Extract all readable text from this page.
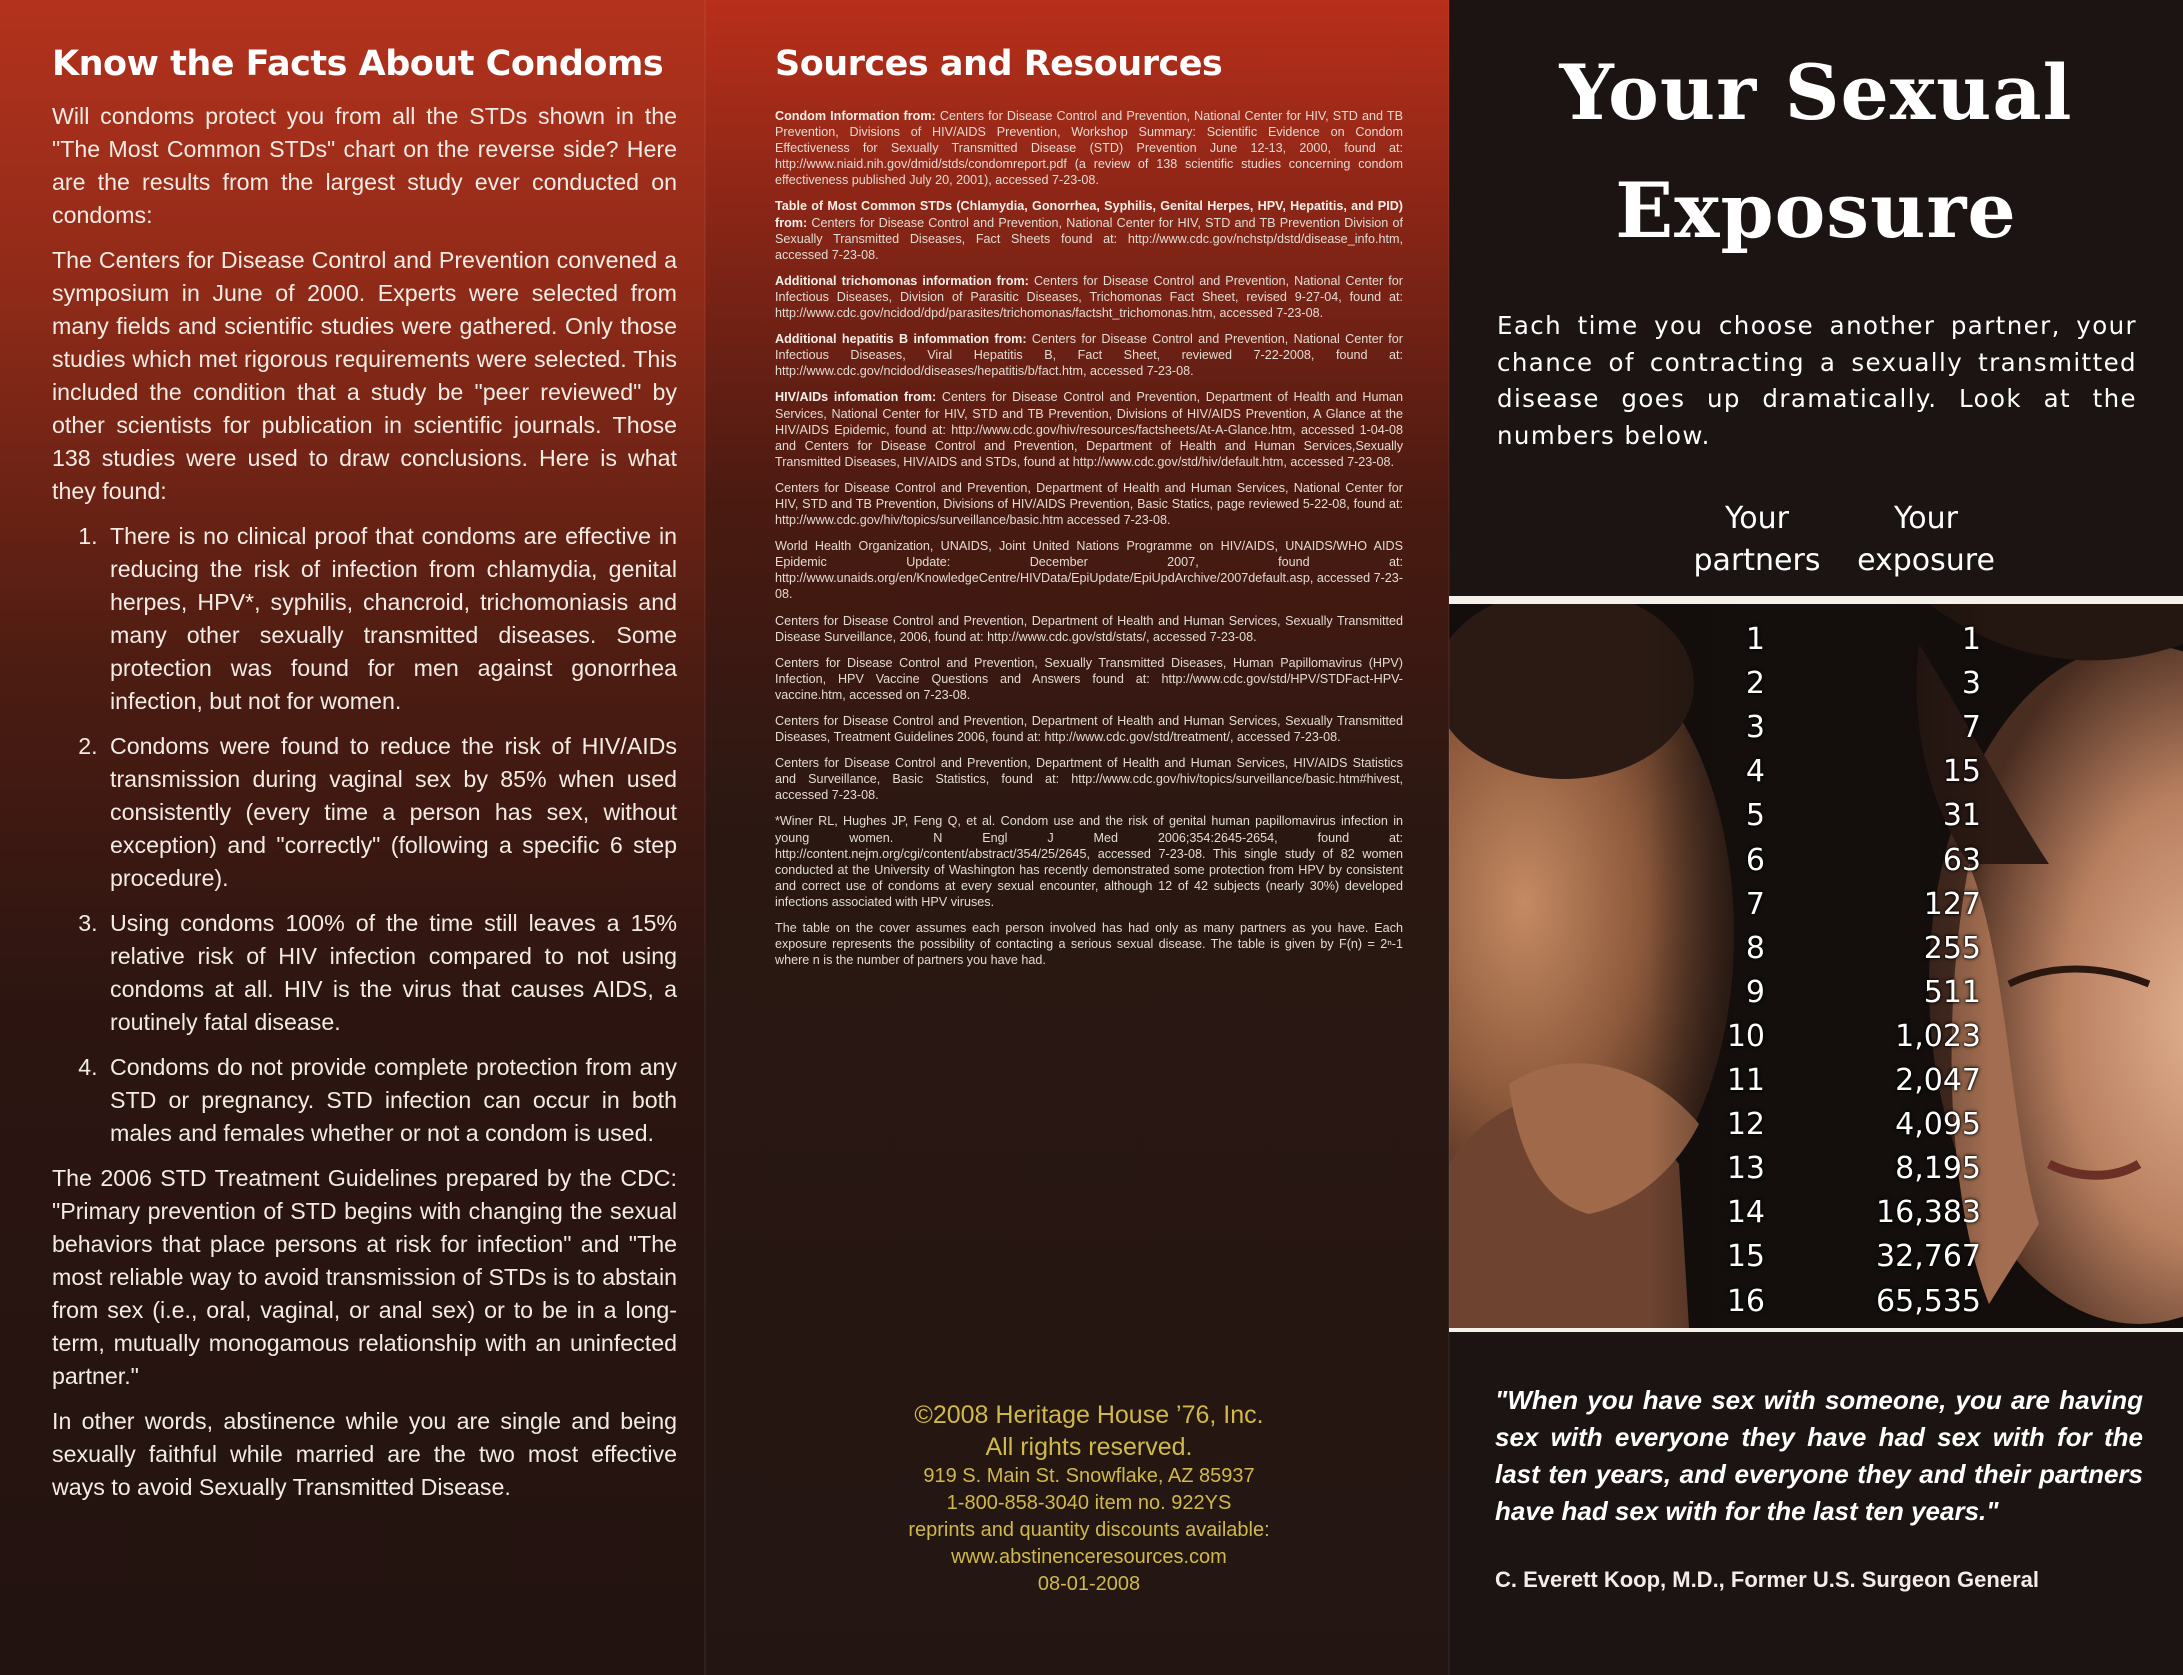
Know the Facts About Condoms

Will condoms protect you from all the STDs shown in the "The Most Common STDs" chart on the reverse side? Here are the results from the largest study ever conducted on condoms:

The Centers for Disease Control and Prevention convened a symposium in June of 2000. Experts were selected from many fields and scientific studies were gathered. Only those studies which met rigorous requirements were selected. This included the condition that a study be "peer reviewed" by other scientists for publication in scientific journals. Those 138 studies were used to draw conclusions. Here is what they found:

1. There is no clinical proof that condoms are effective in reducing the risk of infection from chlamydia, genital herpes, HPV*, syphilis, chancroid, trichomoniasis and many other sexually transmitted diseases. Some protection was found for men against gonorrhea infection, but not for women.
2. Condoms were found to reduce the risk of HIV/AIDs transmission during vaginal sex by 85% when used consistently (every time a person has sex, without exception) and "correctly" (following a specific 6 step procedure).
3. Using condoms 100% of the time still leaves a 15% relative risk of HIV infection compared to not using condoms at all. HIV is the virus that causes AIDS, a routinely fatal disease.
4. Condoms do not provide complete protection from any STD or pregnancy. STD infection can occur in both males and females whether or not a condom is used.

The 2006 STD Treatment Guidelines prepared by the CDC: "Primary prevention of STD begins with changing the sexual behaviors that place persons at risk for infection" and "The most reliable way to avoid transmission of STDs is to abstain from sex (i.e., oral, vaginal, or anal sex) or to be in a long-term, mutually monogamous relationship with an uninfected partner."

In other words, abstinence while you are single and being sexually faithful while married are the two most effective ways to avoid Sexually Transmitted Disease.

Sources and Resources

Condom Information from: Centers for Disease Control and Prevention, National Center for HIV, STD and TB Prevention, Divisions of HIV/AIDS Prevention, Workshop Summary: Scientific Evidence on Condom Effectiveness for Sexually Transmitted Disease (STD) Prevention June 12-13, 2000, found at: http://www.niaid.nih.gov/dmid/stds/condomreport.pdf (a review of 138 scientific studies concerning condom effectiveness published July 20, 2001), accessed 7-23-08.

Table of Most Common STDs (Chlamydia, Gonorrhea, Syphilis, Genital Herpes, HPV, Hepatitis, and PID) from: Centers for Disease Control and Prevention, National Center for HIV, STD and TB Prevention Division of Sexually Transmitted Diseases, Fact Sheets found at: http://www.cdc.gov/nchstp/dstd/disease_info.htm, accessed 7-23-08.

Additional trichomonas information from: Centers for Disease Control and Prevention, National Center for Infectious Diseases, Division of Parasitic Diseases, Trichomonas Fact Sheet, revised 9-27-04, found at: http://www.cdc.gov/ncidod/dpd/parasites/trichomonas/factsht_trichomonas.htm, accessed 7-23-08.

Additional hepatitis B infommation from: Centers for Disease Control and Prevention, National Center for Infectious Diseases, Viral Hepatitis B, Fact Sheet, reviewed 7-22-2008, found at: http://www.cdc.gov/ncidod/diseases/hepatitis/b/fact.htm, accessed 7-23-08.

HIV/AIDs infomation from: Centers for Disease Control and Prevention, Department of Health and Human Services, National Center for HIV, STD and TB Prevention, Divisions of HIV/AIDS Prevention, A Glance at the HIV/AIDS Epidemic, found at: http://www.cdc.gov/hiv/resources/factsheets/At-A-Glance.htm, accessed 1-04-08 and Centers for Disease Control and Prevention, Department of Health and Human Services,Sexually Transmitted Diseases, HIV/AIDS and STDs, found at http://www.cdc.gov/std/hiv/default.htm, accessed 7-23-08.

Centers for Disease Control and Prevention, Department of Health and Human Services, National Center for HIV, STD and TB Prevention, Divisions of HIV/AIDS Prevention, Basic Statics, page reviewed 5-22-08, found at: http://www.cdc.gov/hiv/topics/surveillance/basic.htm accessed 7-23-08.

World Health Organization, UNAIDS, Joint United Nations Programme on HIV/AIDS, UNAIDS/WHO AIDS Epidemic Update: December 2007, found at: http://www.unaids.org/en/KnowledgeCentre/HIVData/EpiUpdate/EpiUpdArchive/2007default.asp, accessed 7-23-08.

Centers for Disease Control and Prevention, Department of Health and Human Services, Sexually Transmitted Disease Surveillance, 2006, found at: http://www.cdc.gov/std/stats/, accessed 7-23-08.

Centers for Disease Control and Prevention, Sexually Transmitted Diseases, Human Papillomavirus (HPV) Infection, HPV Vaccine Questions and Answers found at: http://www.cdc.gov/std/HPV/STDFact-HPV-vaccine.htm, accessed on 7-23-08.

Centers for Disease Control and Prevention, Department of Health and Human Services, Sexually Transmitted Diseases, Treatment Guidelines 2006, found at: http://www.cdc.gov/std/treatment/, accessed 7-23-08.

Centers for Disease Control and Prevention, Department of Health and Human Services, HIV/AIDS Statistics and Surveillance, Basic Statistics, found at: http://www.cdc.gov/hiv/topics/surveillance/basic.htm#hivest, accessed 7-23-08.

*Winer RL, Hughes JP, Feng Q, et al. Condom use and the risk of genital human papillomavirus infection in young women. N Engl J Med 2006;354:2645-2654, found at: http://content.nejm.org/cgi/content/abstract/354/25/2645, accessed 7-23-08. This single study of 82 women conducted at the University of Washington has recently demonstrated some protection from HPV by consistent and correct use of condoms at every sexual encounter, although 12 of 42 subjects (nearly 30%) developed infections associated with HPV viruses.

The table on the cover assumes each person involved has had only as many partners as you have. Each exposure represents the possibility of contacting a serious sexual disease. The table is given by F(n) = 2ⁿ-1 where n is the number of partners you have had.

©2008 Heritage House ’76, Inc.
All rights reserved.
919 S. Main St. Snowflake, AZ 85937
1-800-858-3040 item no. 922YS
reprints and quantity discounts available:
www.abstinenceresources.com
08-01-2008
Your Sexual
Exposure
Each time you choose another partner, your chance of contracting a sexually transmitted disease goes up dramatically. Look at the numbers below.
Your
partners
Your
exposure
1	1
2	3
3	7
4	15
5	31
6	63
7	127
8	255
9	511
10	1,023
11	2,047
12	4,095
13	8,195
14	16,383
15	32,767
16	65,535
"When you have sex with someone, you are having sex with everyone they have had sex with for the last ten years, and everyone they and their partners have had sex with for the last ten years."
C. Everett Koop, M.D., Former U.S. Surgeon General
